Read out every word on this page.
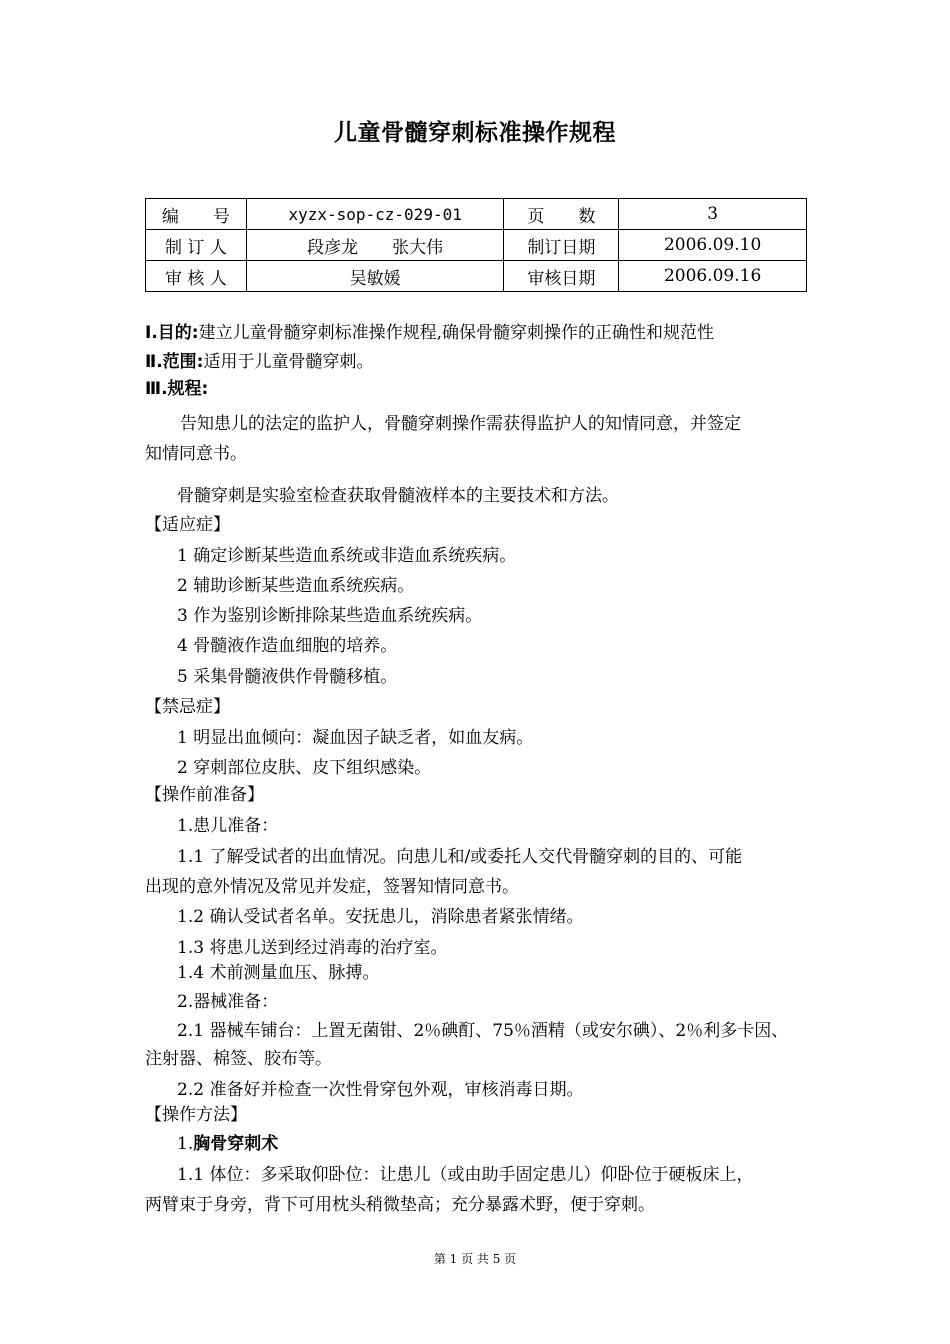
儿童骨髓穿刺标准操作规程
编　　号	xyzx-sop-cz-029-01	页　　数	3
制 订 人	段彦龙　　张大伟	制订日期	2006.09.10
审 核 人	吴敏媛	审核日期	2006.09.16
Ⅰ.目的:建立儿童骨髓穿刺标准操作规程,确保骨髓穿刺操作的正确性和规范性
Ⅱ.范围:适用于儿童骨髓穿刺。
Ⅲ.规程:
告知患儿的法定的监护人，骨髓穿刺操作需获得监护人的知情同意，并签定
知情同意书。
骨髓穿刺是实验室检查获取骨髓液样本的主要技术和方法。
【适应症】
1 确定诊断某些造血系统或非造血系统疾病。
2 辅助诊断某些造血系统疾病。
3 作为鉴别诊断排除某些造血系统疾病。
4 骨髓液作造血细胞的培养。
5 采集骨髓液供作骨髓移植。
【禁忌症】
1 明显出血倾向：凝血因子缺乏者，如血友病。
2 穿刺部位皮肤、皮下组织感染。
【操作前准备】
1.患儿准备：
1.1 了解受试者的出血情况。向患儿和/或委托人交代骨髓穿刺的目的、可能
出现的意外情况及常见并发症，签署知情同意书。
1.2 确认受试者名单。安抚患儿，消除患者紧张情绪。
1.3 将患儿送到经过消毒的治疗室。
1.4 术前测量血压、脉搏。
2.器械准备：
2.1 器械车铺台：上置无菌钳、2％碘酊、75％酒精（或安尔碘）、2％利多卡因、
注射器、棉签、胶布等。
2.2 准备好并检查一次性骨穿包外观，审核消毒日期。
【操作方法】
1.胸骨穿刺术
1.1 体位：多采取仰卧位：让患儿（或由助手固定患儿）仰卧位于硬板床上，
两臂束于身旁，背下可用枕头稍微垫高；充分暴露术野，便于穿刺。
第 1 页 共 5 页
